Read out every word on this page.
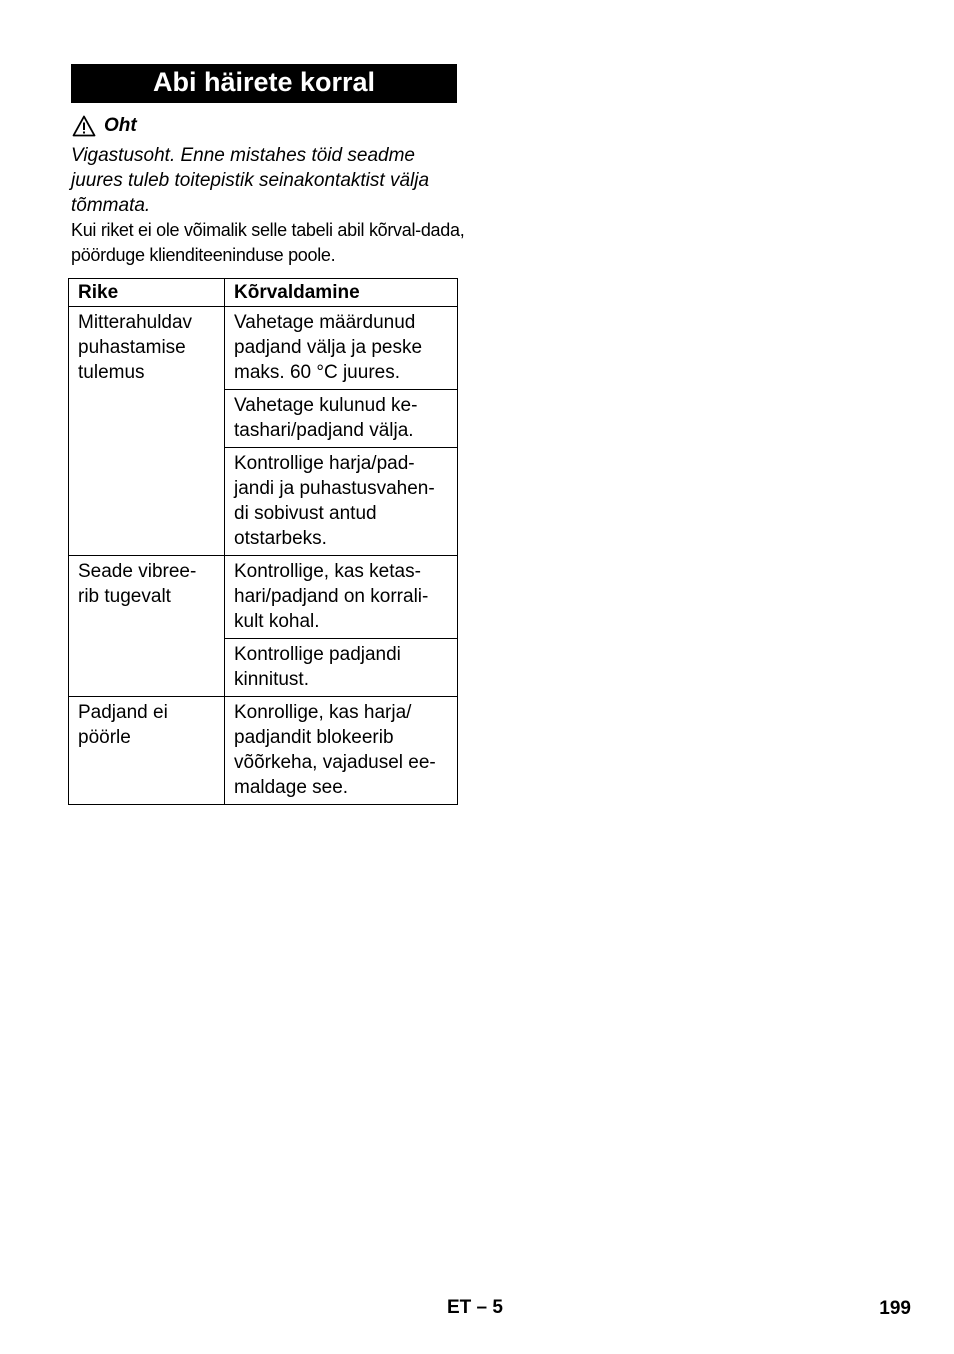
Abi häirete korral
Oht
Vigastusoht. Enne mistahes töid seadme juures tuleb toitepistik seinakontaktist välja tõmmata.
Kui riket ei ole võimalik selle tabeli abil kõrval-dada, pöörduge klienditeeninduse poole.
Rike	Kõrvaldamine
Mitterahuldav puhastamise tulemus	Vahetage määrdunud padjand välja ja peske maks. 60 °C juures.
	Vahetage kulunud ke-tashari/padjand välja.
	Kontrollige harja/pad-jandi ja puhastusvahen-di sobivust antud otstarbeks.
Seade vibree-rib tugevalt	Kontrollige, kas ketas-hari/padjand on korrali-kult kohal.
	Kontrollige padjandi kinnitust.
Padjand ei pöörle	Konrollige, kas harja/ padjandit blokeerib võõrkeha, vajadusel ee-maldage see.
ET – 5	199
